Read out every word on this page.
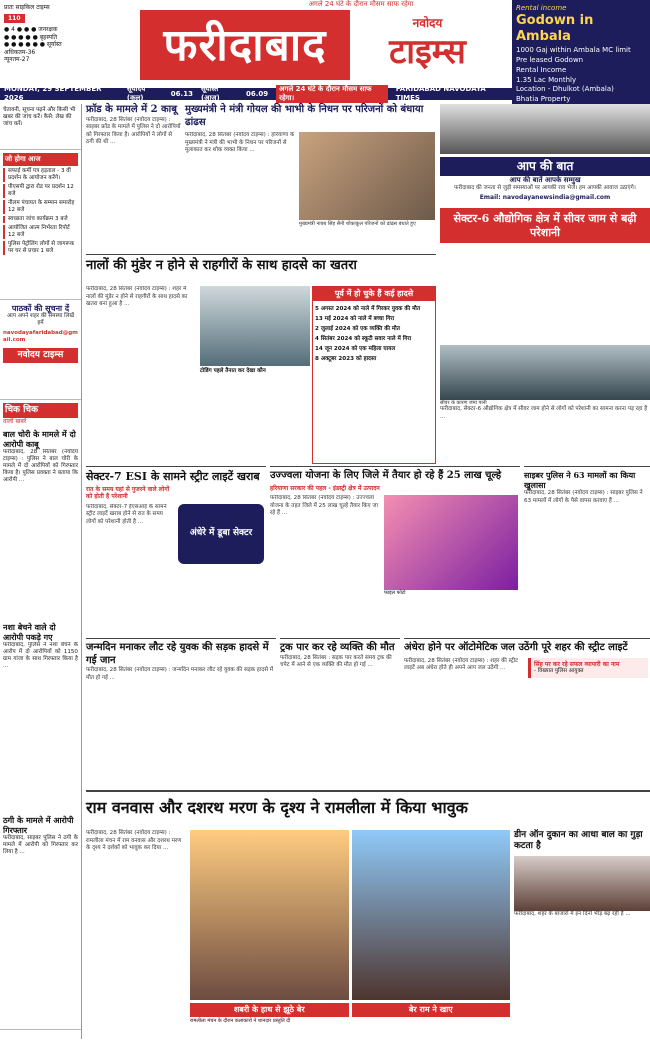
प्रातः साइकिल टाइम्स
110
● 4 ● ● ● जनरक्षक
● ● ● ● ● बृहस्पति
● ● ● ● ● ● सूर्यास्त
अधिकतम-36
न्यूनतम-27
अगले 24 घंटे के दौरान मौसम साफ रहेगा
फरीदाबाद	नवोदय
टाइम्स
Rental income
Godown in Ambala
1000 Gaj within Ambala MC limit
Pre leased Godown
Rental Income
1.35 Lac Monthly
Location - Dhulkot (Ambala)
Bhatia Property
MONDAY, 29 SEPTEMBER 2026
सूर्योदय (कल)
06.13
सूर्यास्त (आज)
06.09
अगले 24 घंटे के दौरान मौसम साफ रहेगा।
FARIDABAD NAVODAYA TIMES
चेतावनी, सूचना पढ़ने और किसी भी खबर की जांच करें। कैसे: लेख की जांच करें।
जो होगा आज
सफाई कर्मी पत्र हड़ताल - 3 वीं प्रदर्शन के आयोजन करेंगे।
पीएसपी द्वारा रोड पर प्रदर्शन 12 बजे
नीलम पंचायत के सम्मान समारोह 12 बजे
स्वच्छता जांच कार्यक्रम 3 बजे
आयोजित आत्म निर्भरता रिपोर्ट 12 बजे
पुलिस पेट्रोलिंग लोगों से जागरूक पर घर से प्रचार 1 बजे
पाठकों की सूचना दें
आप अपने शहर की समस्या लिखें हमें
navodayafaridabad@gmail.com
नवोदय टाइम्स
चिक चिक
वाली खबरें
बाल चोरी के मामले में दो आरोपी काबू
फरीदाबाद, 28 सितंबर (नवोदय टाइम्स) : पुलिस ने बाल चोरी के मामले में दो आरोपियों को गिरफ्तार किया है। पुलिस प्रवक्ता ने बताया कि आरोपी ...
नशा बेचने वाले दो आरोपी पकड़े गए
फरीदाबाद, पुलिस ने नशा बेचने के आरोप में दो आरोपियों को 1150 ग्राम गांजा के साथ गिरफ्तार किया है ...
ठगी के मामले में आरोपी गिरफ्तार
फरीदाबाद, साइबर पुलिस ने ठगी के मामले में आरोपी को गिरफ्तार कर लिया है ...
फ्रॉड के मामले में 2 काबू
फरीदाबाद, 28 सितंबर (नवोदय टाइम्स) : साइबर फ्रॉड के मामले में पुलिस ने दो आरोपियों को गिरफ्तार किया है। आरोपियों ने लोगों से ठगी की थी ...
मुख्यमंत्री ने मंत्री गोयल की भाभी के निधन पर परिजनों को बंधाया ढांढस
फरीदाबाद, 28 सितंबर (नवोदय टाइम्स) : हरियाणा के मुख्यमंत्री ने मंत्री की भाभी के निधन पर परिजनों से मुलाकात कर शोक व्यक्त किया ...
मुख्यमंत्री नायब सिंह सैनी शोकाकुल परिजनों को ढांढस बंधाते हुए
आप की बात
आप की बातें आपके सम्मुख
फरीदाबाद की जनता से जुड़ी समस्याओं पर आपकी राय भेजें। हम आपकी आवाज उठाएंगे।
Email: navodayanewsindia@gmail.com
सेक्टर-6 औद्योगिक क्षेत्र में सीवर जाम से बढ़ी परेशानी
नालों की मुंडेर न होने से राहगीरों के साथ हादसे का खतरा
फरीदाबाद, 28 सितंबर (नवोदय टाइम्स) : शहर में नालों की मुंडेर न होने से राहगीरों के साथ हादसे का खतरा बना हुआ है ...
टोडिंग पहले तैनात कर देखा कौन
पूर्व में हो चुके हैं कई हादसे
5 अगस्त 2024 को नाले में गिरकर युवक की मौत
13 मई 2024 को नाले में बच्चा गिरा
2 जुलाई 2024 को एक व्यक्ति की मौत
4 सितंबर 2024 को स्कूटी सवार नाले में गिरा
14 जून 2024 को एक महिला घायल
8 अक्टूबर 2023 को हादसा
सीवर के कारण जमा पानी
फरीदाबाद, सेक्टर-6 औद्योगिक क्षेत्र में सीवर जाम होने से लोगों को परेशानी का सामना करना पड़ रहा है ...
सेक्टर-7 ESI के सामने स्ट्रीट लाइटें खराब
रात के समय यहां से गुजरने वाले लोगों को होती है परेशानी
फरीदाबाद, सेक्टर-7 ईएसआई के सामने स्ट्रीट लाइटें खराब होने से रात के समय लोगों को परेशानी होती है ...
अंधेरे में डूबा सेक्टर
उज्ज्वला योजना के लिए जिले में तैयार हो रहे हैं 25 लाख चूल्हे
हरियाणा सरकार की पहल - इंडस्ट्री क्षेत्र में उत्पादन
फरीदाबाद, 28 सितंबर (नवोदय टाइम्स) : उज्ज्वला योजना के तहत जिले में 25 लाख चूल्हे तैयार किए जा रहे हैं ...
फाइल फोटो
साइबर पुलिस ने 63 मामलों का किया खुलासा
फरीदाबाद, 28 सितंबर (नवोदय टाइम्स) : साइबर पुलिस ने 63 मामलों में लोगों के पैसे वापस करवाए हैं ...
जन्मदिन मनाकर लौट रहे युवक की सड़क हादसे में गई जान
फरीदाबाद, 28 सितंबर (नवोदय टाइम्स) : जन्मदिन मनाकर लौट रहे युवक की सड़क हादसे में मौत हो गई ...
ट्रक पार कर रहे व्यक्ति की मौत
फरीदाबाद, 28 सितंबर : सड़क पार करते समय ट्रक की चपेट में आने से एक व्यक्ति की मौत हो गई ...
अंधेरा होने पर ऑटोमेटिक जल उठेंगी पूरे शहर की स्ट्रीट लाइटें
फरीदाबाद, 28 सितंबर (नवोदय टाइम्स) : शहर की स्ट्रीट लाइटें अब अंधेरा होते ही अपने आप जल उठेंगी ...
सिंह पर कर रहे सफल व्यापारी का नाम
- विख्यात पुलिस आयुक्त
राम वनवास और दशरथ मरण के दृश्य ने रामलीला में किया भावुक
फरीदाबाद, 28 सितंबर (नवोदय टाइम्स) : रामलीला मंचन में राम वनवास और दशरथ मरण के दृश्य ने दर्शकों को भावुक कर दिया ...
शबरी के हाथ से झूठे बेर	बेर राम ने खाए
रामलीला मंचन के दौरान कलाकारों ने शानदार प्रस्तुति दी
डीन ऑन दुकान का आधा बाल का गुड़ा कटता है
फरीदाबाद, शहर के बाजारों में इन दिनों भीड़ बढ़ रही है ...
